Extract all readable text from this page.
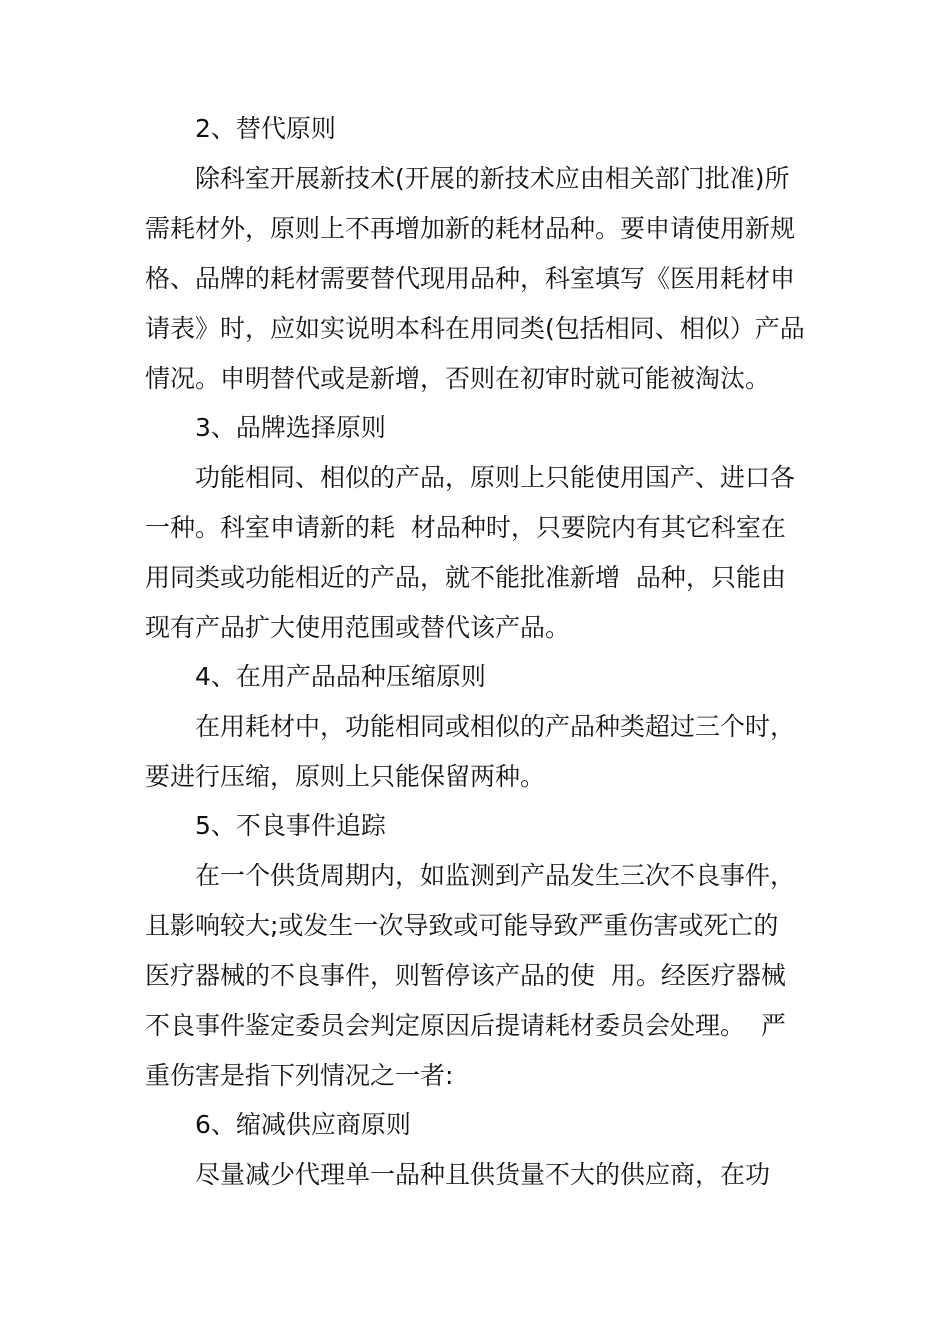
2、替代原则
除科室开展新技术(开展的新技术应由相关部门批准)所
需耗材外，原则上不再增加新的耗材品种。要申请使用新规
格、品牌的耗材需要替代现用品种，科室填写《医用耗材申
请表》时，应如实说明本科在用同类(包括相同、相似）产品
情况。申明替代或是新增，否则在初审时就可能被淘汰。
3、品牌选择原则
功能相同、相似的产品，原则上只能使用国产、进口各
一种。科室申请新的耗  材品种时，只要院内有其它科室在
用同类或功能相近的产品，就不能批准新增  品种，只能由
现有产品扩大使用范围或替代该产品。
4、在用产品品种压缩原则
在用耗材中，功能相同或相似的产品种类超过三个时，
要进行压缩，原则上只能保留两种。
5、不良事件追踪
在一个供货周期内，如监测到产品发生三次不良事件，
且影响较大;或发生一次导致或可能导致严重伤害或死亡的
医疗器械的不良事件，则暂停该产品的使  用。经医疗器械
不良事件鉴定委员会判定原因后提请耗材委员会处理。  严
重伤害是指下列情况之一者:
6、缩减供应商原则
尽量减少代理单一品种且供货量不大的供应商，在功
